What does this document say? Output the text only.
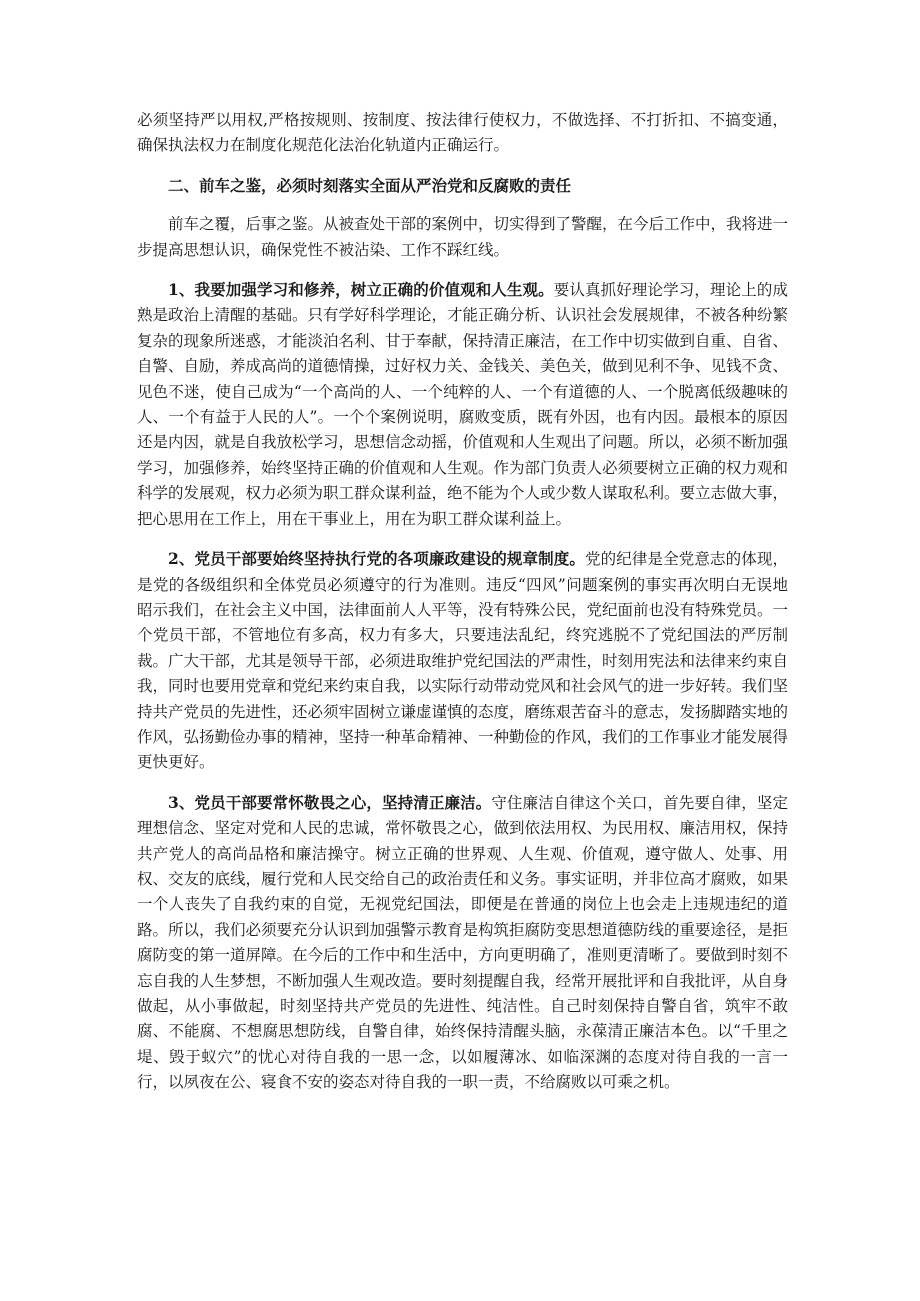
必须坚持严以用权,严格按规则、按制度、按法律行使权力，不做选择、不打折扣、不搞变通，确保执法权力在制度化规范化法治化轨道内正确运行。

二、前车之鉴，必须时刻落实全面从严治党和反腐败的责任

前车之覆，后事之鉴。从被查处干部的案例中，切实得到了警醒，在今后工作中，我将进一步提高思想认识，确保党性不被沾染、工作不踩红线。

1、我要加强学习和修养，树立正确的价值观和人生观。要认真抓好理论学习，理论上的成熟是政治上清醒的基础。只有学好科学理论，才能正确分析、认识社会发展规律，不被各种纷繁复杂的现象所迷惑，才能淡泊名利、甘于奉献，保持清正廉洁，在工作中切实做到自重、自省、自警、自励，养成高尚的道德情操，过好权力关、金钱关、美色关，做到见利不争、见钱不贪、见色不迷，使自己成为“一个高尚的人、一个纯粹的人、一个有道德的人、一个脱离低级趣味的人、一个有益于人民的人”。一个个案例说明，腐败变质，既有外因，也有内因。最根本的原因还是内因，就是自我放松学习，思想信念动摇，价值观和人生观出了问题。所以，必须不断加强学习，加强修养，始终坚持正确的价值观和人生观。作为部门负责人必须要树立正确的权力观和科学的发展观，权力必须为职工群众谋利益，绝不能为个人或少数人谋取私利。要立志做大事，把心思用在工作上，用在干事业上，用在为职工群众谋利益上。

2、党员干部要始终坚持执行党的各项廉政建设的规章制度。党的纪律是全党意志的体现，是党的各级组织和全体党员必须遵守的行为准则。违反“四风”问题案例的事实再次明白无误地昭示我们，在社会主义中国，法律面前人人平等，没有特殊公民，党纪面前也没有特殊党员。一个党员干部，不管地位有多高，权力有多大，只要违法乱纪，终究逃脱不了党纪国法的严厉制裁。广大干部，尤其是领导干部，必须进取维护党纪国法的严肃性，时刻用宪法和法律来约束自我，同时也要用党章和党纪来约束自我，以实际行动带动党风和社会风气的进一步好转。我们坚持共产党员的先进性，还必须牢固树立谦虚谨慎的态度，磨练艰苦奋斗的意志，发扬脚踏实地的作风，弘扬勤俭办事的精神，坚持一种革命精神、一种勤俭的作风，我们的工作事业才能发展得更快更好。

3、党员干部要常怀敬畏之心，坚持清正廉洁。守住廉洁自律这个关口，首先要自律，坚定理想信念、坚定对党和人民的忠诚，常怀敬畏之心，做到依法用权、为民用权、廉洁用权，保持共产党人的高尚品格和廉洁操守。树立正确的世界观、人生观、价值观，遵守做人、处事、用权、交友的底线，履行党和人民交给自己的政治责任和义务。事实证明，并非位高才腐败，如果一个人丧失了自我约束的自觉，无视党纪国法，即便是在普通的岗位上也会走上违规违纪的道路。所以，我们必须要充分认识到加强警示教育是构筑拒腐防变思想道德防线的重要途径，是拒腐防变的第一道屏障。在今后的工作中和生活中，方向更明确了，准则更清晰了。要做到时刻不忘自我的人生梦想，不断加强人生观改造。要时刻提醒自我，经常开展批评和自我批评，从自身做起，从小事做起，时刻坚持共产党员的先进性、纯洁性。自己时刻保持自警自省，筑牢不敢腐、不能腐、不想腐思想防线，自警自律，始终保持清醒头脑，永葆清正廉洁本色。以“千里之堤、毁于蚁穴”的忧心对待自我的一思一念，以如履薄冰、如临深渊的态度对待自我的一言一行，以夙夜在公、寝食不安的姿态对待自我的一职一责，不给腐败以可乘之机。
